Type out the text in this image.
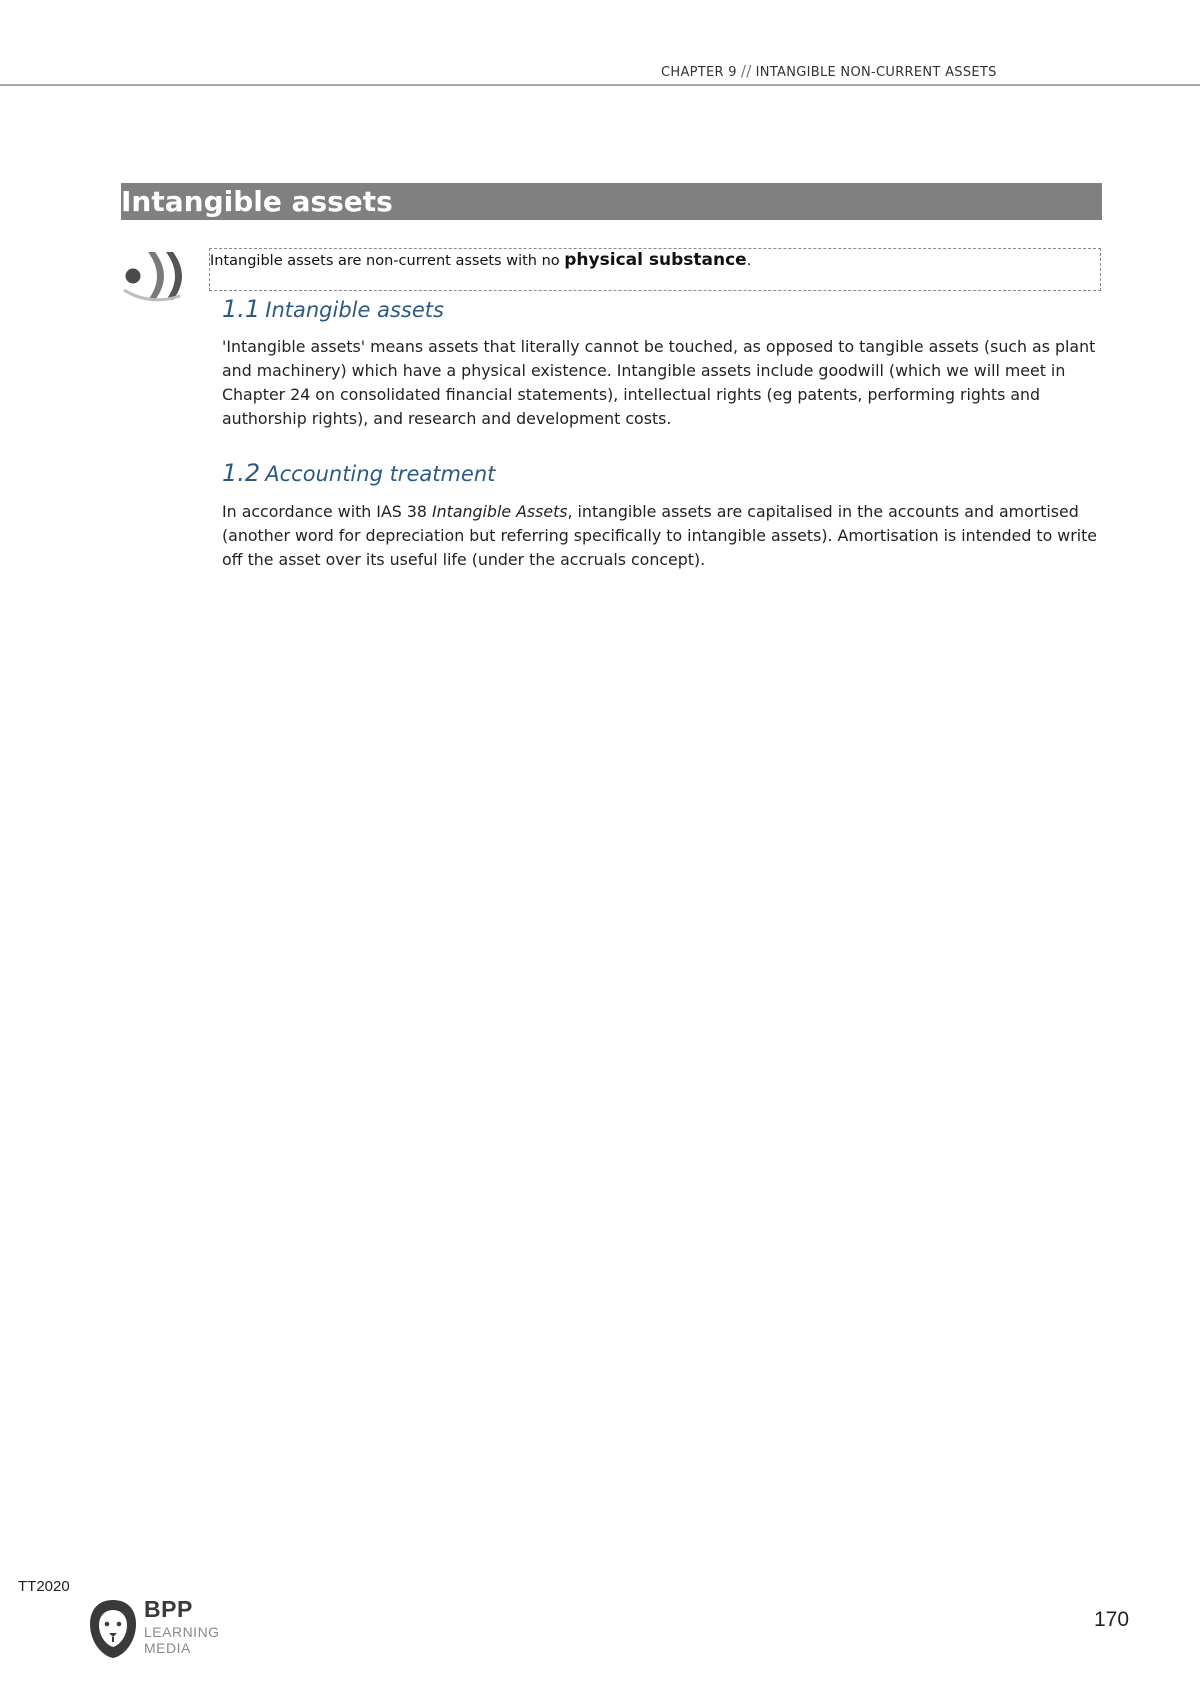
CHAPTER 9 // INTANGIBLE NON-CURRENT ASSETS
Intangible assets
Intangible assets are non-current assets with no physical substance.
1.1 Intangible assets

'Intangible assets' means assets that literally cannot be touched, as opposed to tangible assets (such as plant and machinery) which have a physical existence. Intangible assets include goodwill (which we will meet in Chapter 24 on consolidated financial statements), intellectual rights (eg patents, performing rights and authorship rights), and research and development costs.

1.2 Accounting treatment

In accordance with IAS 38 Intangible Assets, intangible assets are capitalised in the accounts and amortised (another word for depreciation but referring specifically to intangible assets). Amortisation is intended to write off the asset over its useful life (under the accruals concept).

TT2020
BPP
LEARNING
MEDIA
170
